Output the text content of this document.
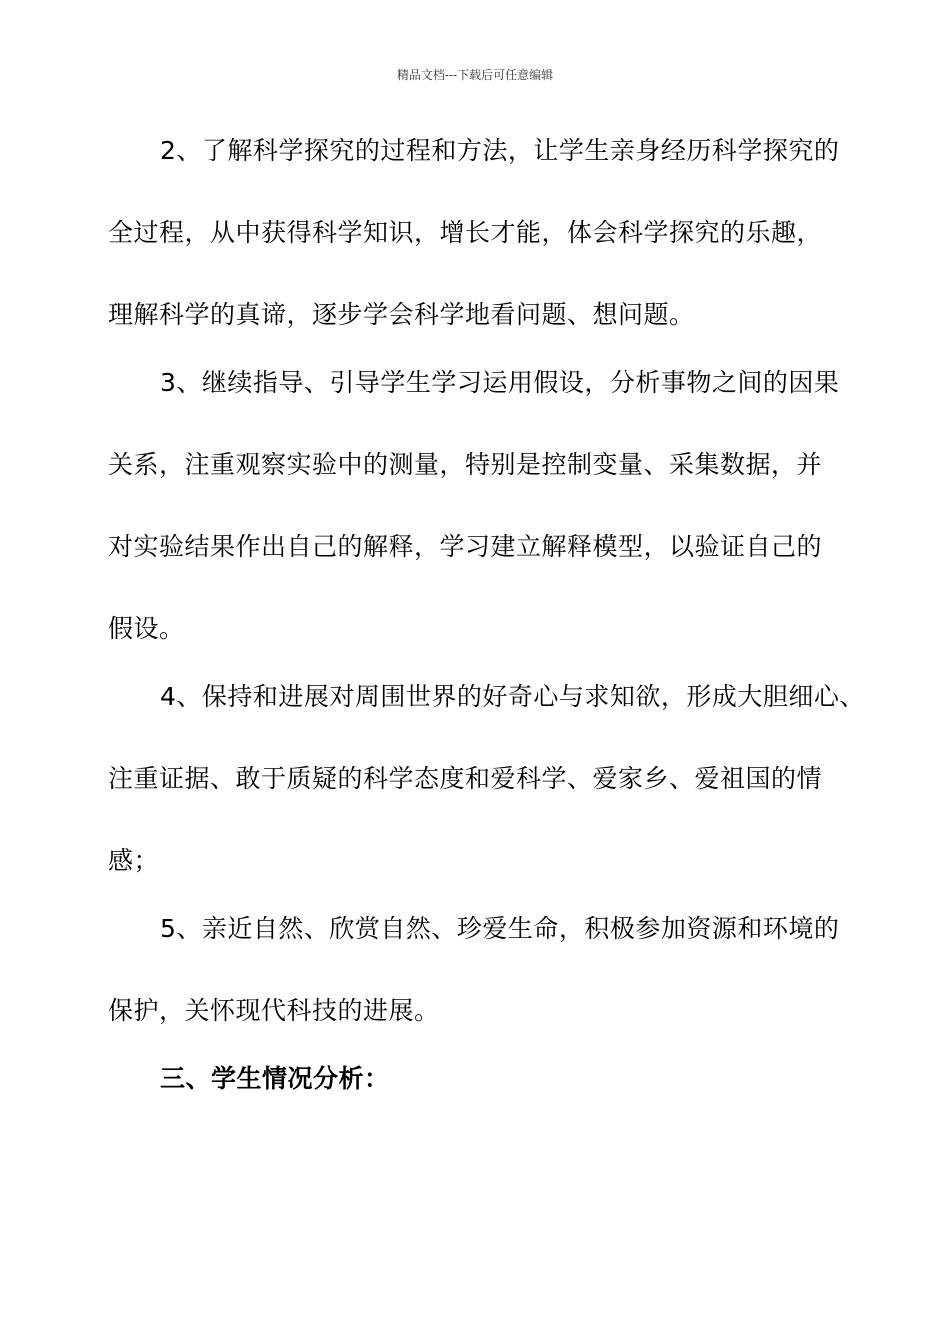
精品文档---下载后可任意编辑
2、了解科学探究的过程和方法，让学生亲身经历科学探究的
全过程，从中获得科学知识，增长才能，体会科学探究的乐趣，
理解科学的真谛，逐步学会科学地看问题、想问题。
3、继续指导、引导学生学习运用假设，分析事物之间的因果
关系，注重观察实验中的测量，特别是控制变量、采集数据，并
对实验结果作出自己的解释，学习建立解释模型，以验证自己的
假设。
4、保持和进展对周围世界的好奇心与求知欲，形成大胆细心、
注重证据、敢于质疑的科学态度和爱科学、爱家乡、爱祖国的情
感；
5、亲近自然、欣赏自然、珍爱生命，积极参加资源和环境的
保护，关怀现代科技的进展。
三、学生情况分析：
